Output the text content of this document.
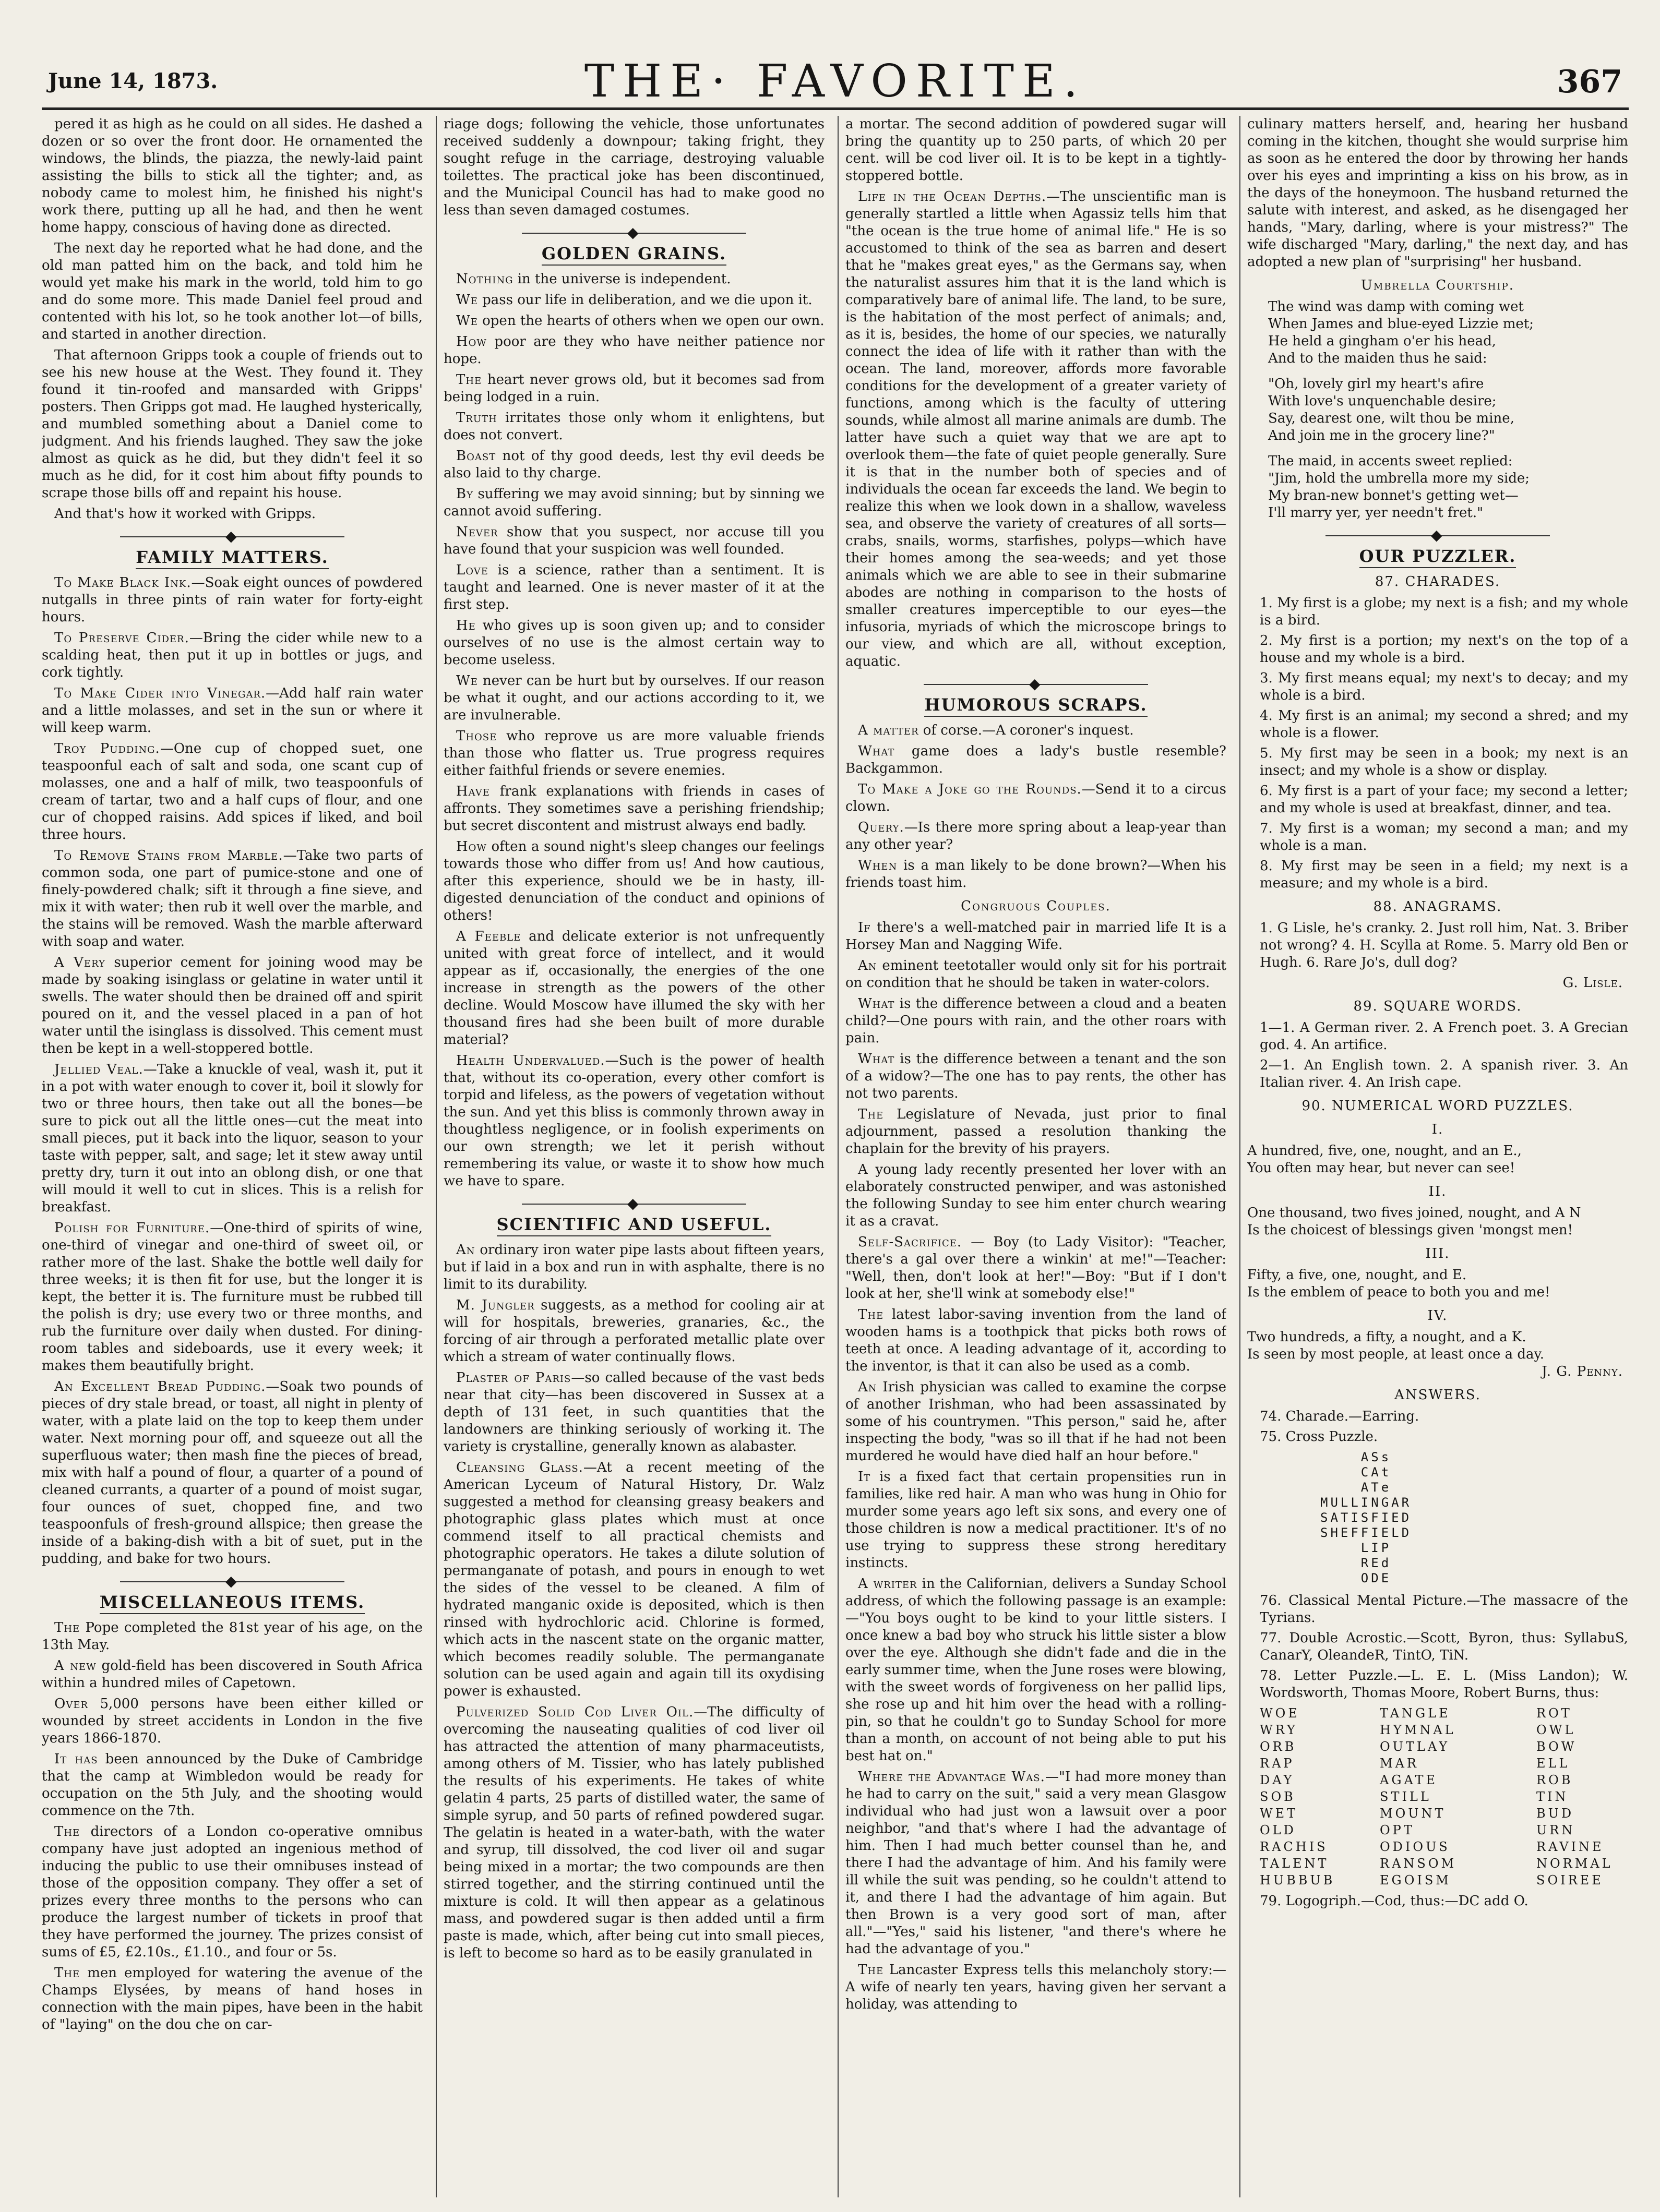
June 14, 1873.	THE· FAVORITE.	367

pered it as high as he could on all sides. He dashed a dozen or so over the front door. He ornamented the windows, the blinds, the piazza, the newly-laid paint assisting the bills to stick all the tighter; and, as nobody came to molest him, he finished his night's work there, putting up all he had, and then he went home happy, conscious of having done as directed.

The next day he reported what he had done, and the old man patted him on the back, and told him he would yet make his mark in the world, told him to go and do some more. This made Daniel feel proud and contented with his lot, so he took another lot—of bills, and started in another direction.

That afternoon Gripps took a couple of friends out to see his new house at the West. They found it. They found it tin-roofed and mansarded with Gripps' posters. Then Gripps got mad. He laughed hysterically, and mumbled something about a Daniel come to judgment. And his friends laughed. They saw the joke almost as quick as he did, but they didn't feel it so much as he did, for it cost him about fifty pounds to scrape those bills off and repaint his house.

And that's how it worked with Gripps.

◆
FAMILY MATTERS.

To Make Black Ink.—Soak eight ounces of powdered nutgalls in three pints of rain water for forty-eight hours.

To Preserve Cider.—Bring the cider while new to a scalding heat, then put it up in bottles or jugs, and cork tightly.

To Make Cider into Vinegar.—Add half rain water and a little molasses, and set in the sun or where it will keep warm.

Troy Pudding.—One cup of chopped suet, one teaspoonful each of salt and soda, one scant cup of molasses, one and a half of milk, two teaspoonfuls of cream of tartar, two and a half cups of flour, and one cur of chopped raisins. Add spices if liked, and boil three hours.

To Remove Stains from Marble.—Take two parts of common soda, one part of pumice-stone and one of finely-powdered chalk; sift it through a fine sieve, and mix it with water; then rub it well over the marble, and the stains will be removed. Wash the marble afterward with soap and water.

A Very superior cement for joining wood may be made by soaking isinglass or gelatine in water until it swells. The water should then be drained off and spirit poured on it, and the vessel placed in a pan of hot water until the isinglass is dissolved. This cement must then be kept in a well-stoppered bottle.

Jellied Veal.—Take a knuckle of veal, wash it, put it in a pot with water enough to cover it, boil it slowly for two or three hours, then take out all the bones—be sure to pick out all the little ones—cut the meat into small pieces, put it back into the liquor, season to your taste with pepper, salt, and sage; let it stew away until pretty dry, turn it out into an oblong dish, or one that will mould it well to cut in slices. This is a relish for breakfast.

Polish for Furniture.—One-third of spirits of wine, one-third of vinegar and one-third of sweet oil, or rather more of the last. Shake the bottle well daily for three weeks; it is then fit for use, but the longer it is kept, the better it is. The furniture must be rubbed till the polish is dry; use every two or three months, and rub the furniture over daily when dusted. For dining-room tables and sideboards, use it every week; it makes them beautifully bright.

An Excellent Bread Pudding.—Soak two pounds of pieces of dry stale bread, or toast, all night in plenty of water, with a plate laid on the top to keep them under water. Next morning pour off, and squeeze out all the superfluous water; then mash fine the pieces of bread, mix with half a pound of flour, a quarter of a pound of cleaned currants, a quarter of a pound of moist sugar, four ounces of suet, chopped fine, and two teaspoonfuls of fresh-ground allspice; then grease the inside of a baking-dish with a bit of suet, put in the pudding, and bake for two hours.

◆
MISCELLANEOUS ITEMS.

The Pope completed the 81st year of his age, on the 13th May.

A new gold-field has been discovered in South Africa within a hundred miles of Capetown.

Over 5,000 persons have been either killed or wounded by street accidents in London in the five years 1866-1870.

It has been announced by the Duke of Cambridge that the camp at Wimbledon would be ready for occupation on the 5th July, and the shooting would commence on the 7th.

The directors of a London co-operative omnibus company have just adopted an ingenious method of inducing the public to use their omnibuses instead of those of the opposition company. They offer a set of prizes every three months to the persons who can produce the largest number of tickets in proof that they have performed the journey. The prizes consist of sums of £5, £2.10s., £1.10., and four or 5s.

The men employed for watering the avenue of the Champs Elysées, by means of hand hoses in connection with the main pipes, have been in the habit of "laying" on the dou che on car-

riage dogs; following the vehicle, those unfortunates received suddenly a downpour; taking fright, they sought refuge in the carriage, destroying valuable toilettes. The practical joke has been discontinued, and the Municipal Council has had to make good no less than seven damaged costumes.

◆
GOLDEN GRAINS.

Nothing in the universe is independent.

We pass our life in deliberation, and we die upon it.

We open the hearts of others when we open our own.

How poor are they who have neither patience nor hope.

The heart never grows old, but it becomes sad from being lodged in a ruin.

Truth irritates those only whom it enlightens, but does not convert.

Boast not of thy good deeds, lest thy evil deeds be also laid to thy charge.

By suffering we may avoid sinning; but by sinning we cannot avoid suffering.

Never show that you suspect, nor accuse till you have found that your suspicion was well founded.

Love is a science, rather than a sentiment. It is taught and learned. One is never master of it at the first step.

He who gives up is soon given up; and to consider ourselves of no use is the almost certain way to become useless.

We never can be hurt but by ourselves. If our reason be what it ought, and our actions according to it, we are invulnerable.

Those who reprove us are more valuable friends than those who flatter us. True progress requires either faithful friends or severe enemies.

Have frank explanations with friends in cases of affronts. They sometimes save a perishing friendship; but secret discontent and mistrust always end badly.

How often a sound night's sleep changes our feelings towards those who differ from us! And how cautious, after this experience, should we be in hasty, ill-digested denunciation of the conduct and opinions of others!

A Feeble and delicate exterior is not unfrequently united with great force of intellect, and it would appear as if, occasionally, the energies of the one increase in strength as the powers of the other decline. Would Moscow have illumed the sky with her thousand fires had she been built of more durable material?

Health Undervalued.—Such is the power of health that, without its co-operation, every other comfort is torpid and lifeless, as the powers of vegetation without the sun. And yet this bliss is commonly thrown away in thoughtless negligence, or in foolish experiments on our own strength; we let it perish without remembering its value, or waste it to show how much we have to spare.

◆
SCIENTIFIC AND USEFUL.

An ordinary iron water pipe lasts about fifteen years, but if laid in a box and run in with asphalte, there is no limit to its durability.

M. Jungler suggests, as a method for cooling air at will for hospitals, breweries, granaries, &c., the forcing of air through a perforated metallic plate over which a stream of water continually flows.

Plaster of Paris—so called because of the vast beds near that city—has been discovered in Sussex at a depth of 131 feet, in such quantities that the landowners are thinking seriously of working it. The variety is crystalline, generally known as alabaster.

Cleansing Glass.—At a recent meeting of the American Lyceum of Natural History, Dr. Walz suggested a method for cleansing greasy beakers and photographic glass plates which must at once commend itself to all practical chemists and photographic operators. He takes a dilute solution of permanganate of potash, and pours in enough to wet the sides of the vessel to be cleaned. A film of hydrated manganic oxide is deposited, which is then rinsed with hydrochloric acid. Chlorine is formed, which acts in the nascent state on the organic matter, which becomes readily soluble. The permanganate solution can be used again and again till its oxydising power is exhausted.

Pulverized Solid Cod Liver Oil.—The difficulty of overcoming the nauseating qualities of cod liver oil has attracted the attention of many pharmaceutists, among others of M. Tissier, who has lately published the results of his experiments. He takes of white gelatin 4 parts, 25 parts of distilled water, the same of simple syrup, and 50 parts of refined powdered sugar. The gelatin is heated in a water-bath, with the water and syrup, till dissolved, the cod liver oil and sugar being mixed in a mortar; the two compounds are then stirred together, and the stirring continued until the mixture is cold. It will then appear as a gelatinous mass, and powdered sugar is then added until a firm paste is made, which, after being cut into small pieces, is left to become so hard as to be easily granulated in

a mortar. The second addition of powdered sugar will bring the quantity up to 250 parts, of which 20 per cent. will be cod liver oil. It is to be kept in a tightly-stoppered bottle.

Life in the Ocean Depths.—The unscientific man is generally startled a little when Agassiz tells him that "the ocean is the true home of animal life." He is so accustomed to think of the sea as barren and desert that he "makes great eyes," as the Germans say, when the naturalist assures him that it is the land which is comparatively bare of animal life. The land, to be sure, is the habitation of the most perfect of animals; and, as it is, besides, the home of our species, we naturally connect the idea of life with it rather than with the ocean. The land, moreover, affords more favorable conditions for the development of a greater variety of functions, among which is the faculty of uttering sounds, while almost all marine animals are dumb. The latter have such a quiet way that we are apt to overlook them—the fate of quiet people generally. Sure it is that in the number both of species and of individuals the ocean far exceeds the land. We begin to realize this when we look down in a shallow, waveless sea, and observe the variety of creatures of all sorts—crabs, snails, worms, starfishes, polyps—which have their homes among the sea-weeds; and yet those animals which we are able to see in their submarine abodes are nothing in comparison to the hosts of smaller creatures imperceptible to our eyes—the infusoria, myriads of which the microscope brings to our view, and which are all, without exception, aquatic.

◆
HUMOROUS SCRAPS.

A matter of corse.—A coroner's inquest.

What game does a lady's bustle resemble? Backgammon.

To Make a Joke go the Rounds.—Send it to a circus clown.

Query.—Is there more spring about a leap-year than any other year?

When is a man likely to be done brown?—When his friends toast him.

Congruous Couples.

If there's a well-matched pair in married life It is a Horsey Man and Nagging Wife.

An eminent teetotaller would only sit for his portrait on condition that he should be taken in water-colors.

What is the difference between a cloud and a beaten child?—One pours with rain, and the other roars with pain.

What is the difference between a tenant and the son of a widow?—The one has to pay rents, the other has not two parents.

The Legislature of Nevada, just prior to final adjournment, passed a resolution thanking the chaplain for the brevity of his prayers.

A young lady recently presented her lover with an elaborately constructed penwiper, and was astonished the following Sunday to see him enter church wearing it as a cravat.

Self-Sacrifice. — Boy (to Lady Visitor): "Teacher, there's a gal over there a winkin' at me!"—Teacher: "Well, then, don't look at her!"—Boy: "But if I don't look at her, she'll wink at somebody else!"

The latest labor-saving invention from the land of wooden hams is a toothpick that picks both rows of teeth at once. A leading advantage of it, according to the inventor, is that it can also be used as a comb.

An Irish physician was called to examine the corpse of another Irishman, who had been assassinated by some of his countrymen. "This person," said he, after inspecting the body, "was so ill that if he had not been murdered he would have died half an hour before."

It is a fixed fact that certain propensities run in families, like red hair. A man who was hung in Ohio for murder some years ago left six sons, and every one of those children is now a medical practitioner. It's of no use trying to suppress these strong hereditary instincts.

A writer in the Californian, delivers a Sunday School address, of which the following passage is an example:—"You boys ought to be kind to your little sisters. I once knew a bad boy who struck his little sister a blow over the eye. Although she didn't fade and die in the early summer time, when the June roses were blowing, with the sweet words of forgiveness on her pallid lips, she rose up and hit him over the head with a rolling-pin, so that he couldn't go to Sunday School for more than a month, on account of not being able to put his best hat on."

Where the Advantage Was.—"I had more money than he had to carry on the suit," said a very mean Glasgow individual who had just won a lawsuit over a poor neighbor, "and that's where I had the advantage of him. Then I had much better counsel than he, and there I had the advantage of him. And his family were ill while the suit was pending, so he couldn't attend to it, and there I had the advantage of him again. But then Brown is a very good sort of man, after all."—"Yes," said his listener, "and there's where he had the advantage of you."

The Lancaster Express tells this melancholy story:—A wife of nearly ten years, having given her servant a holiday, was attending to

culinary matters herself, and, hearing her husband coming in the kitchen, thought she would surprise him as soon as he entered the door by throwing her hands over his eyes and imprinting a kiss on his brow, as in the days of the honeymoon. The husband returned the salute with interest, and asked, as he disengaged her hands, "Mary, darling, where is your mistress?" The wife discharged "Mary, darling," the next day, and has adopted a new plan of "surprising" her husband.

Umbrella Courtship.
The wind was damp with coming wet
When James and blue-eyed Lizzie met;
He held a gingham o'er his head,
And to the maiden thus he said:
"Oh, lovely girl my heart's afire
With love's unquenchable desire;
Say, dearest one, wilt thou be mine,
And join me in the grocery line?"
The maid, in accents sweet replied:
"Jim, hold the umbrella more my side;
My bran-new bonnet's getting wet—
I'll marry yer, yer needn't fret."
◆
OUR PUZZLER.
87. CHARADES.

1. My first is a globe; my next is a fish; and my whole is a bird.

2. My first is a portion; my next's on the top of a house and my whole is a bird.

3. My first means equal; my next's to decay; and my whole is a bird.

4. My first is an animal; my second a shred; and my whole is a flower.

5. My first may be seen in a book; my next is an insect; and my whole is a show or display.

6. My first is a part of your face; my second a letter; and my whole is used at breakfast, dinner, and tea.

7. My first is a woman; my second a man; and my whole is a man.

8. My first may be seen in a field; my next is a measure; and my whole is a bird.

88. ANAGRAMS.

1. G Lisle, he's cranky. 2. Just roll him, Nat. 3. Briber not wrong? 4. H. Scylla at Rome. 5. Marry old Ben or Hugh. 6. Rare Jo's, dull dog?

G. Lisle.
89. SQUARE WORDS.

1—1. A German river. 2. A French poet. 3. A Grecian god. 4. An artifice.

2—1. An English town. 2. A spanish river. 3. An Italian river. 4. An Irish cape.

90. NUMERICAL WORD PUZZLES.
I.
A hundred, five, one, nought, and an E.,
You often may hear, but never can see!
II.
One thousand, two fives joined, nought, and A N
Is the choicest of blessings given 'mongst men!
III.
Fifty, a five, one, nought, and E.
Is the emblem of peace to both you and me!
IV.
Two hundreds, a fifty, a nought, and a K.
Is seen by most people, at least once a day.
J. G. Penny.
ANSWERS.

74. Charade.—Earring.

75. Cross Puzzle.

ASs
CAt
ATe
MULLINGAR
SATISFIED
SHEFFIELD
LIP
REd
ODE

76. Classical Mental Picture.—The massacre of the Tyrians.

77. Double Acrostic.—Scott, Byron, thus: SyllabuS, CanarY, OleandeR, TintO, TiN.

78. Letter Puzzle.—L. E. L. (Miss Landon); W. Wordsworth, Thomas Moore, Robert Burns, thus:

WOE	TANGLE	ROT
WRY	HYMNAL	OWL
ORB	OUTLAY	BOW
RAP	MAR	ELL
DAY	AGATE	ROB
SOB	STILL	TIN
WET	MOUNT	BUD
OLD	OPT	URN
RACHIS	ODIOUS	RAVINE
TALENT	RANSOM	NORMAL
HUBBUB	EGOISM	SOIREE

79. Logogriph.—Cod, thus:—DC add O.
